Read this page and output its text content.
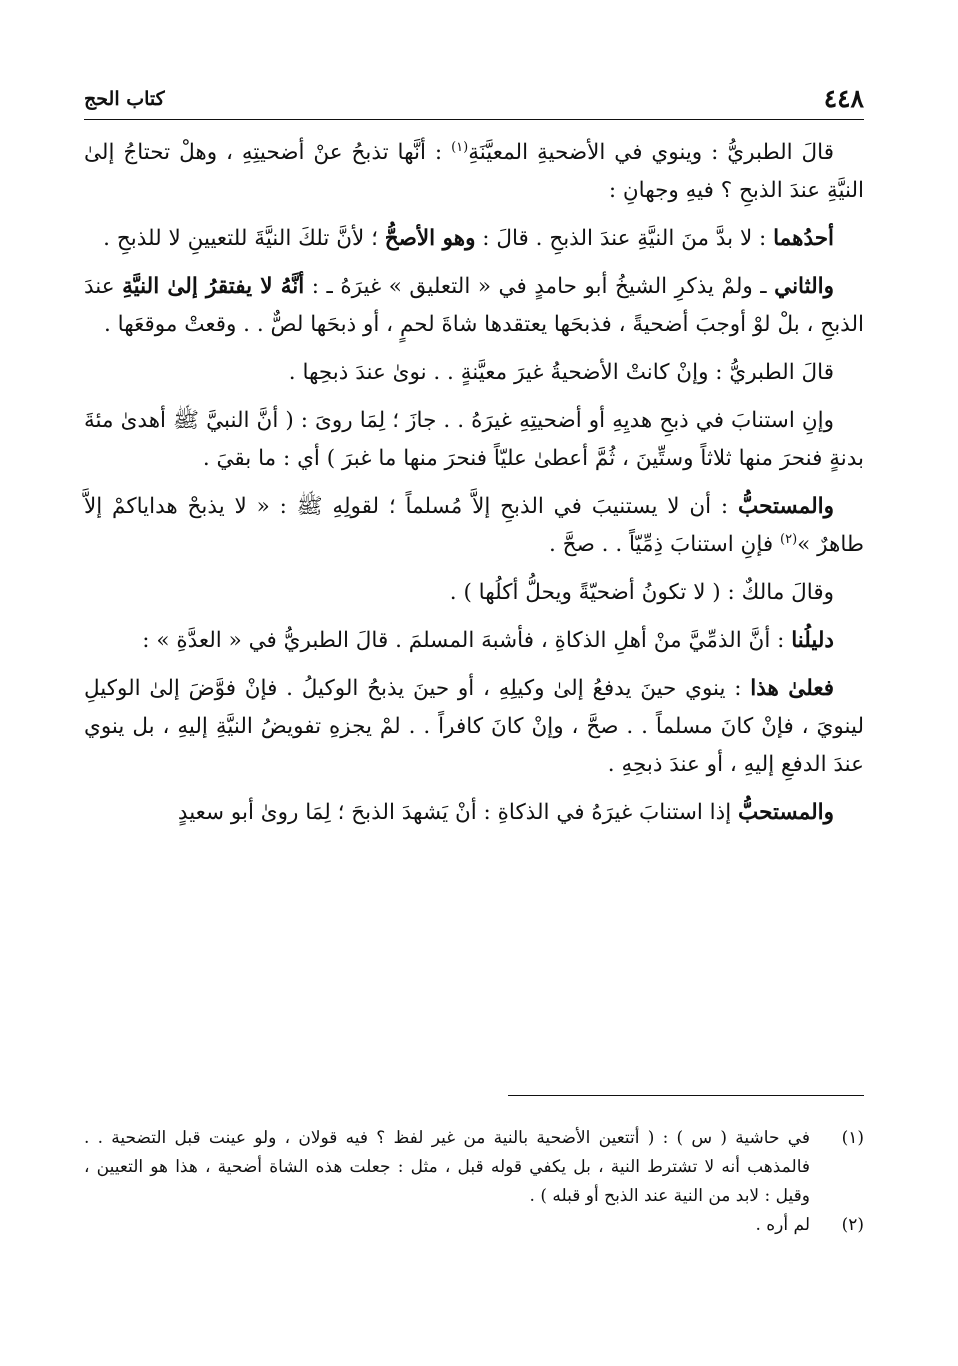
٤٤٨
كتاب الحج

قالَ الطبريُّ : وينوي في الأضحيةِ المعيَّنَةِ$^{(١)}$ : أنَّها تذبحُ عنْ أضحيتِهِ ، وهلْ تحتاجُ إلىٰ النيَّةِ عندَ الذبحِ ؟ فيهِ وجهانِ :

أحدُهما : لا بدَّ منَ النيَّةِ عندَ الذبحِ . قالَ : وهو الأصحُّ ؛ لأنَّ تلكَ النيَّةَ للتعيينِ لا للذبحِ .

والثاني ـ ولمْ يذكرِ الشيخُ أبو حامدٍ في « التعليق » غيرَهُ ـ : أنَّهُ لا يفتقرُ إلىٰ النيَّةِ عندَ الذبحِ ، بلْ لوْ أوجبَ أضحيةً ، فذبحَها يعتقدها شاةَ لحمٍ ، أو ذبحَها لصٌّ . . وقعتْ موقعَها .

قالَ الطبريُّ : وإنْ كانتْ الأضحيةُ غيرَ معيَّنةٍ . . نوىٰ عندَ ذبحِها .

وإنِ استنابَ في ذبحِ هديِهِ أو أضحيتِهِ غيرَهُ . . جازَ ؛ لِمَا روىَ : ( أنَّ النبيَّ ﷺ أهدىٰ مئةَ بدنةٍ فنحرَ منها ثلاثاً وستِّينَ ، ثُمَّ أعطىٰ عليّاً فنحرَ منها ما غبرَ ) أي : ما بقيَ .

والمستحبُّ : أن لا يستنيبَ في الذبحِ إلاَّ مُسلماً ؛ لقولِهِ ﷺ : « لا يذبحْ هداياكمْ إلاَّ طاهرٌ »$^{(٢)}$ فإنِ استنابَ ذِمِّيّاً . . صحَّ .

وقالَ مالكٌ : ( لا تكونُ أضحيّةً ويحلُّ أكلُها ) .

دليلُنا : أنَّ الذمِّيَّ منْ أهلِ الذكاةِ ، فأشبهَ المسلمَ . قالَ الطبريُّ في « العدَّةِ » :

فعلىٰ هذا : ينوي حينَ يدفعُ إلىٰ وكيلِهِ ، أو حينَ يذبحُ الوكيلُ . فإنْ فوَّضَ إلىٰ الوكيلِ لينويَ ، فإنْ كانَ مسلماً . . صحَّ ، وإنْ كانَ كافراً . . لمْ يجزهِ تفويضُ النيَّةِ إليهِ ، بل ينوي عندَ الدفعِ إليهِ ، أو عندَ ذبحِهِ .

والمستحبُّ إذا استنابَ غيرَهُ في الذكاةِ : أنْ يَشهدَ الذبحَ ؛ لِمَا روىٰ أبو سعيدٍ

(١)
في حاشية ( س ) : ( أتتعين الأضحية بالنية من غير لفظ ؟ فيه قولان ، ولو عينت قبل التضحية . . فالمذهب أنه لا تشترط النية ، بل يكفي قوله قبل ، مثل : جعلت هذه الشاة أضحية ، هذا هو التعيين ، وقيل : لابد من النية عند الذبح أو قبله ) .
(٢)
لم أره .
